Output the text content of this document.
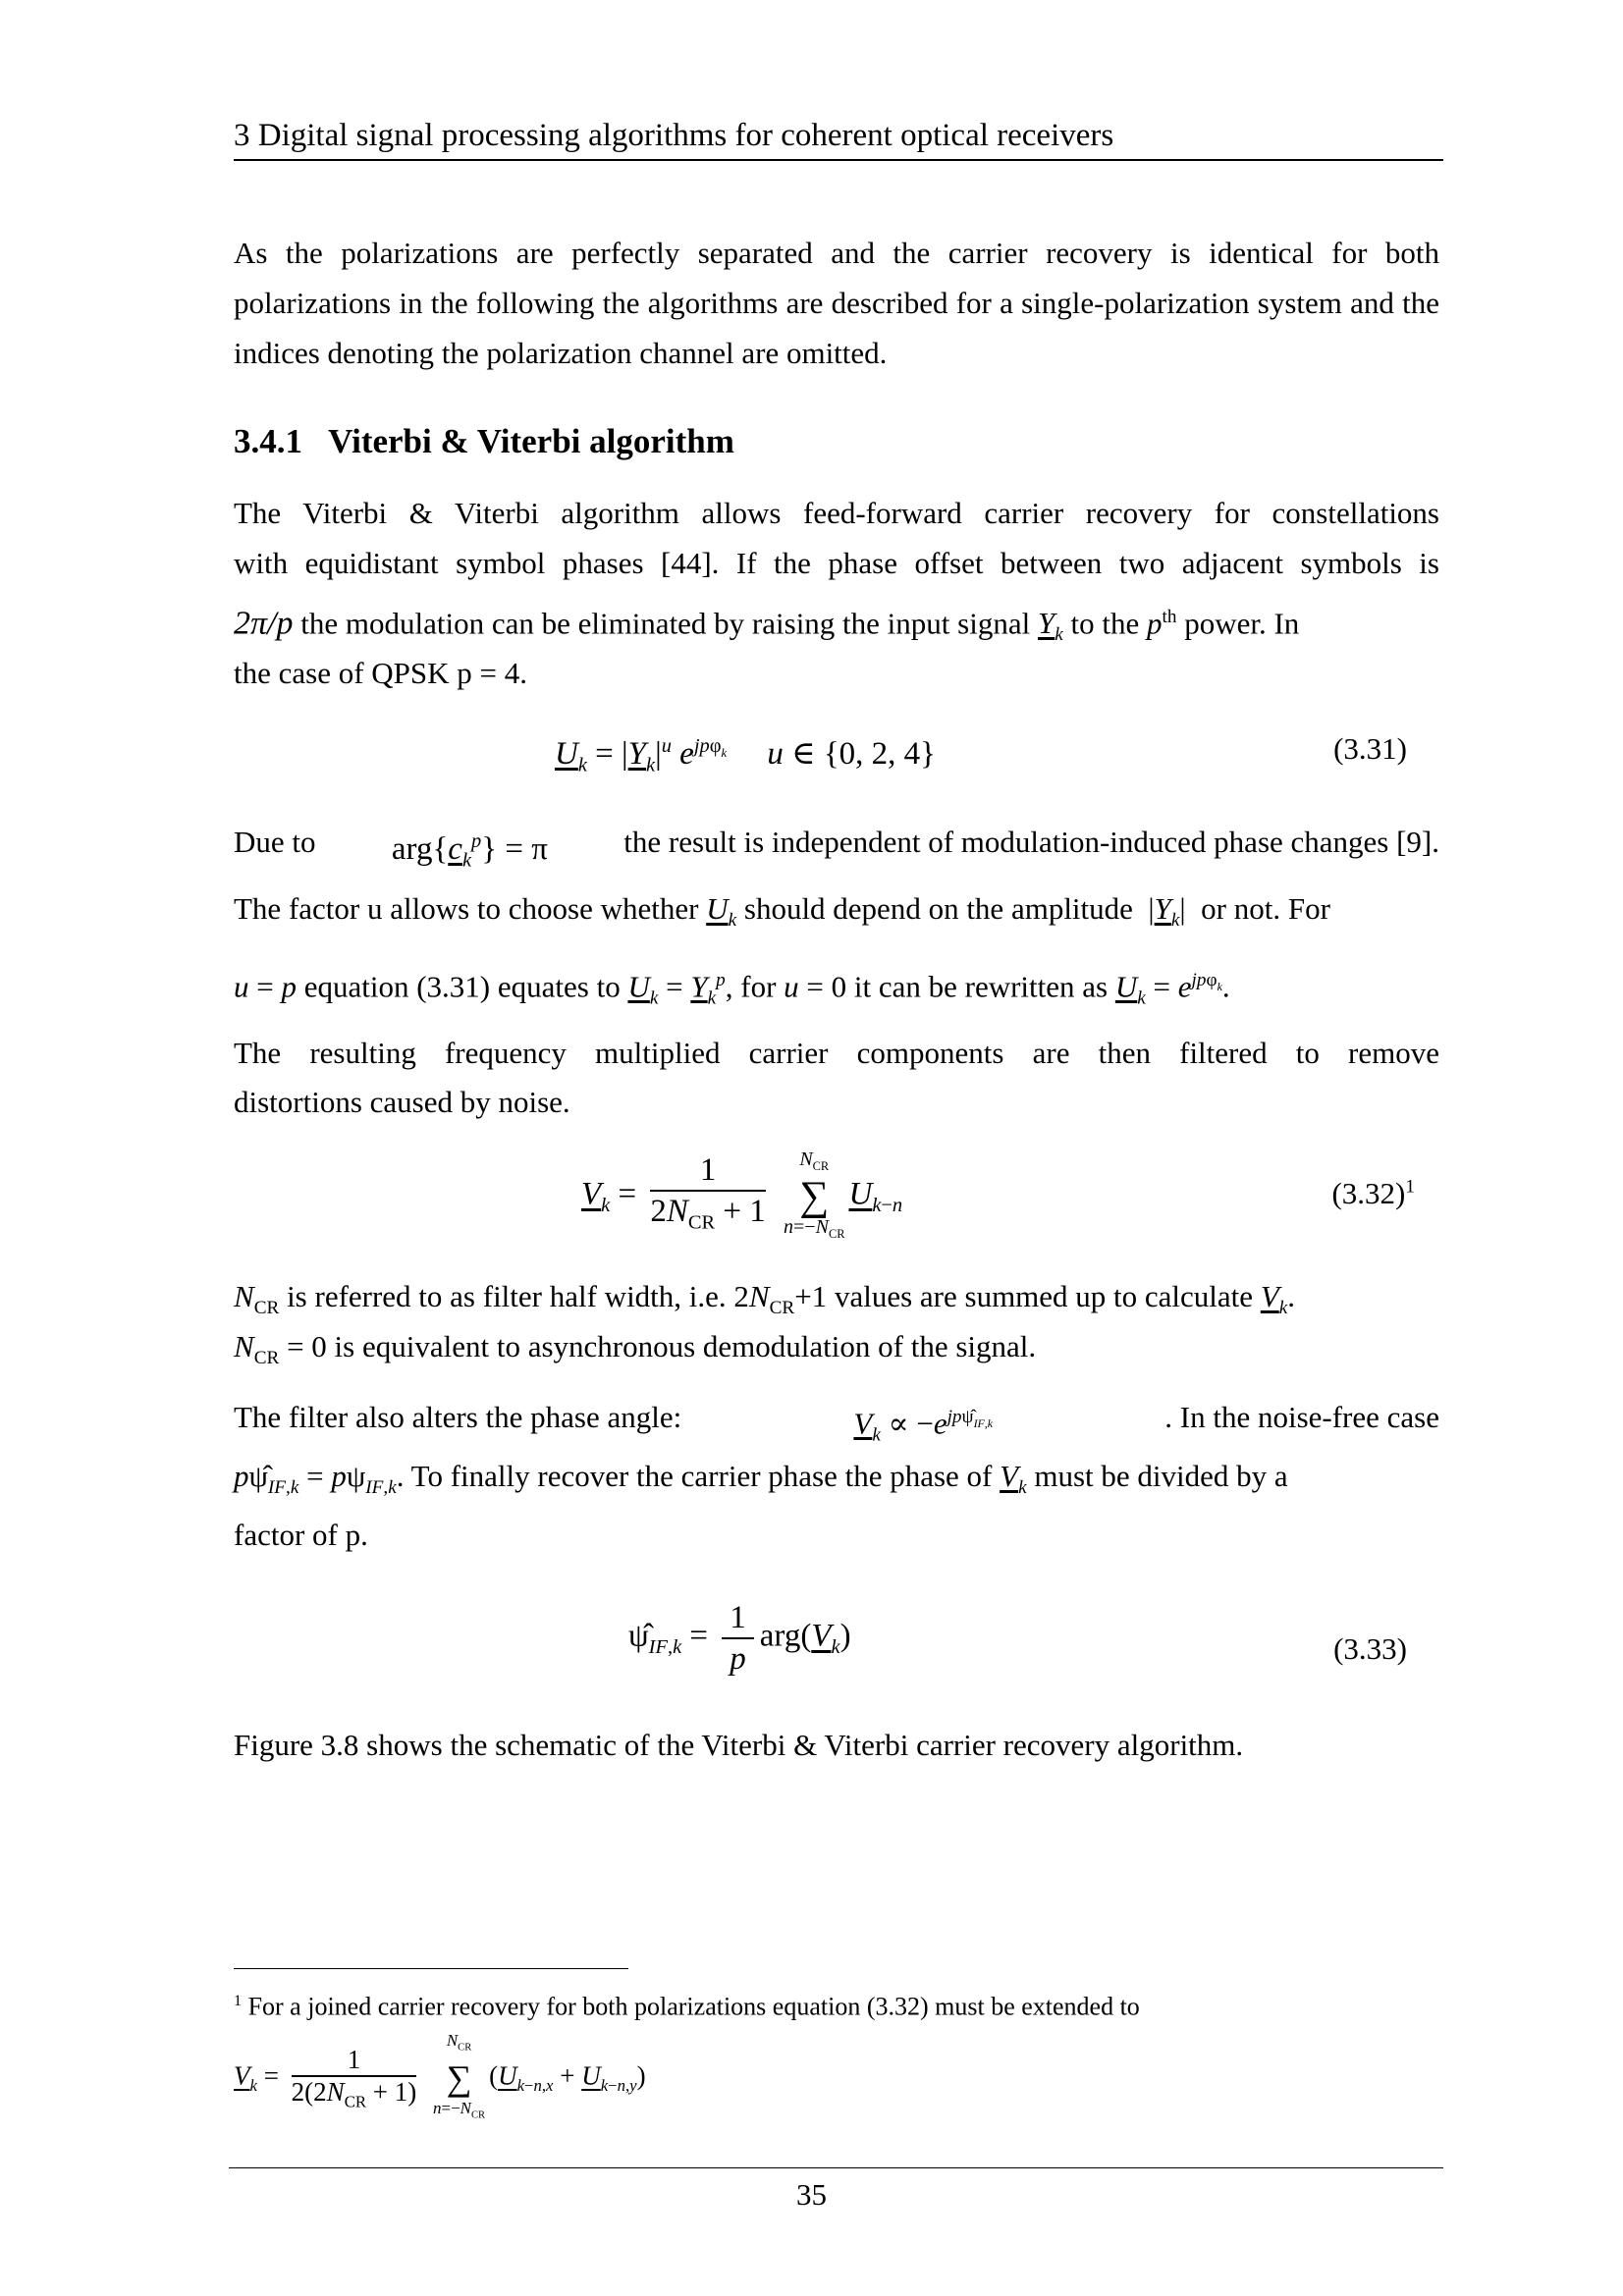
3 Digital signal processing algorithms for coherent optical receivers
As the polarizations are perfectly separated and the carrier recovery is identical for both polarizations in the following the algorithms are described for a single-polarization system and the indices denoting the polarization channel are omitted.
3.4.1 Viterbi & Viterbi algorithm
The Viterbi & Viterbi algorithm allows feed-forward carrier recovery for constellations
with equidistant symbol phases [44]. If the phase offset between two adjacent symbols is
2π/p the modulation can be eliminated by raising the input signal $Y_k$ to the $p^{th}$ power. In
the case of QPSK p = 4.
$U_k = |Y_k|^u$ $e^{jp\varphi_k}$ u ∈ {0, 2, 4}	(3.31)
Due to $arg\{c_k^p\} = \pi$ the result is independent of modulation-induced phase changes [9].
The factor u allows to choose whether $U_k$ should depend on the amplitude  $|Y_k|$  or not. For
u = p equation (3.31) equates to $U_k = Y_k^p$, for u = 0 it can be rewritten as $U_k = e^{jp\varphi_k}$.
The resulting frequency multiplied carrier components are then filtered to remove
distortions caused by noise.
$V_k = \frac{1}{2N_{CR} + 1} N_{CR}$
∑
$n=-N_{CR}U_{k-n}$	$(3.32)^1$
$N_{CR}$ is referred to as filter half width, i.e. $2N_{CR}+1$ values are summed up to calculate $V_k$.
$N_{CR} = 0$ is equivalent to asynchronous demodulation of the signal.
The filter also alters the phase angle:	$V_k \propto -e^{jp\psî_{IF,k}}$	. In the noise-free case
$p\psî_{IF,k} = p\psi_{IF,k}$. To finally recover the carrier phase the phase of $V_k$ must be divided by a
factor of p.
$\psî_{IF,k} = \frac{1}{p} arg(V_k)$	(3.33)
Figure 3.8 shows the schematic of the Viterbi & Viterbi carrier recovery algorithm.
$^1$ For a joined carrier recovery for both polarizations equation (3.32) must be extended to
$V_k = \frac{1}{2(2N_{CR} + 1)}$
$N_{CR}$
∑
$n=-N_{CR}(U_{k-n,x} + U_{k-n,y})$
35
